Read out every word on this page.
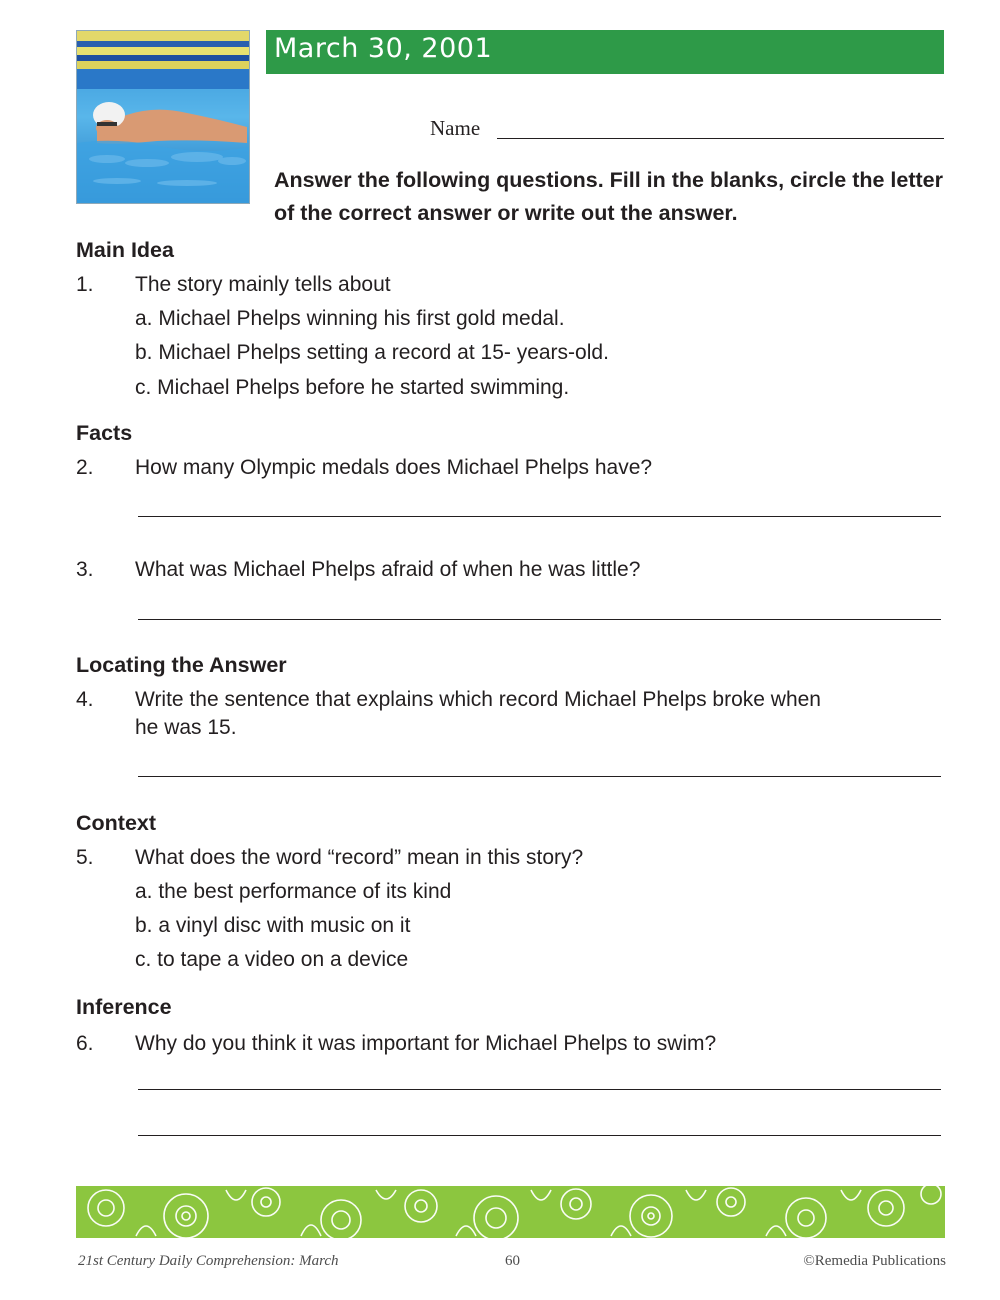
March 30, 2001
Name
Answer the following questions. Fill in the blanks, circle the letter of the correct answer or write out the answer.
Main Idea
1. The story mainly tells about
a. Michael Phelps winning his first gold medal.
b. Michael Phelps setting a record at 15- years-old.
c. Michael Phelps before he started swimming.
Facts
2. How many Olympic medals does Michael Phelps have?
3. What was Michael Phelps afraid of when he was little?
Locating the Answer
4. Write the sentence that explains which record Michael Phelps broke when
he was 15.
Context
5. What does the word “record” mean in this story?
a. the best performance of its kind
b. a vinyl disc with music on it
c. to tape a video on a device
Inference
6. Why do you think it was important for Michael Phelps to swim?
21st Century Daily Comprehension: March	60	©Remedia Publications
